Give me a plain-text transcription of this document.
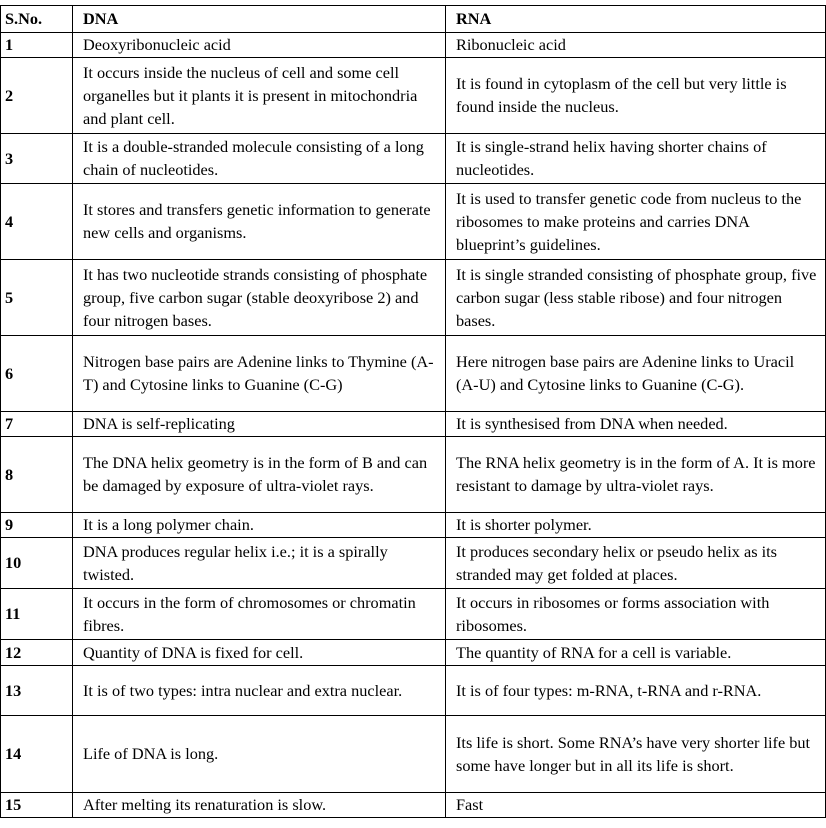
S.No.	DNA	RNA
1	Deoxyribonucleic acid	Ribonucleic acid
2	It occurs inside the nucleus of cell and some cell organelles but it plants it is present in mitochondria and plant cell.	It is found in cytoplasm of the cell but very little is found inside the nucleus.
3	It is a double-stranded molecule consisting of a long chain of nucleotides.	It is single-strand helix having shorter chains of nucleotides.
4	It stores and transfers genetic information to generate new cells and organisms.	It is used to transfer genetic code from nucleus to the ribosomes to make proteins and carries DNA blueprint’s guidelines.
5	It has two nucleotide strands consisting of phosphate group, five carbon sugar (stable deoxyribose 2) and four nitrogen bases.	It is single stranded consisting of phosphate group, five carbon sugar (less stable ribose) and four nitrogen bases.
6	Nitrogen base pairs are Adenine links to Thymine (A-T) and Cytosine links to Guanine (C-G)	Here nitrogen base pairs are Adenine links to Uracil (A-U) and Cytosine links to Guanine (C-G).
7	DNA is self-replicating	It is synthesised from DNA when needed.
8	The DNA helix geometry is in the form of B and can be damaged by exposure of ultra-violet rays.	The RNA helix geometry is in the form of A. It is more resistant to damage by ultra-violet rays.
9	It is a long polymer chain.	It is shorter polymer.
10	DNA produces regular helix i.e.; it is a spirally twisted.	It produces secondary helix or pseudo helix as its stranded may get folded at places.
11	It occurs in the form of chromosomes or chromatin fibres.	It occurs in ribosomes or forms association with ribosomes.
12	Quantity of DNA is fixed for cell.	The quantity of RNA for a cell is variable.
13	It is of two types: intra nuclear and extra nuclear.	It is of four types: m-RNA, t-RNA and r-RNA.
14	Life of DNA is long.	Its life is short. Some RNA’s have very shorter life but some have longer but in all its life is short.
15	After melting its renaturation is slow.	Fast
